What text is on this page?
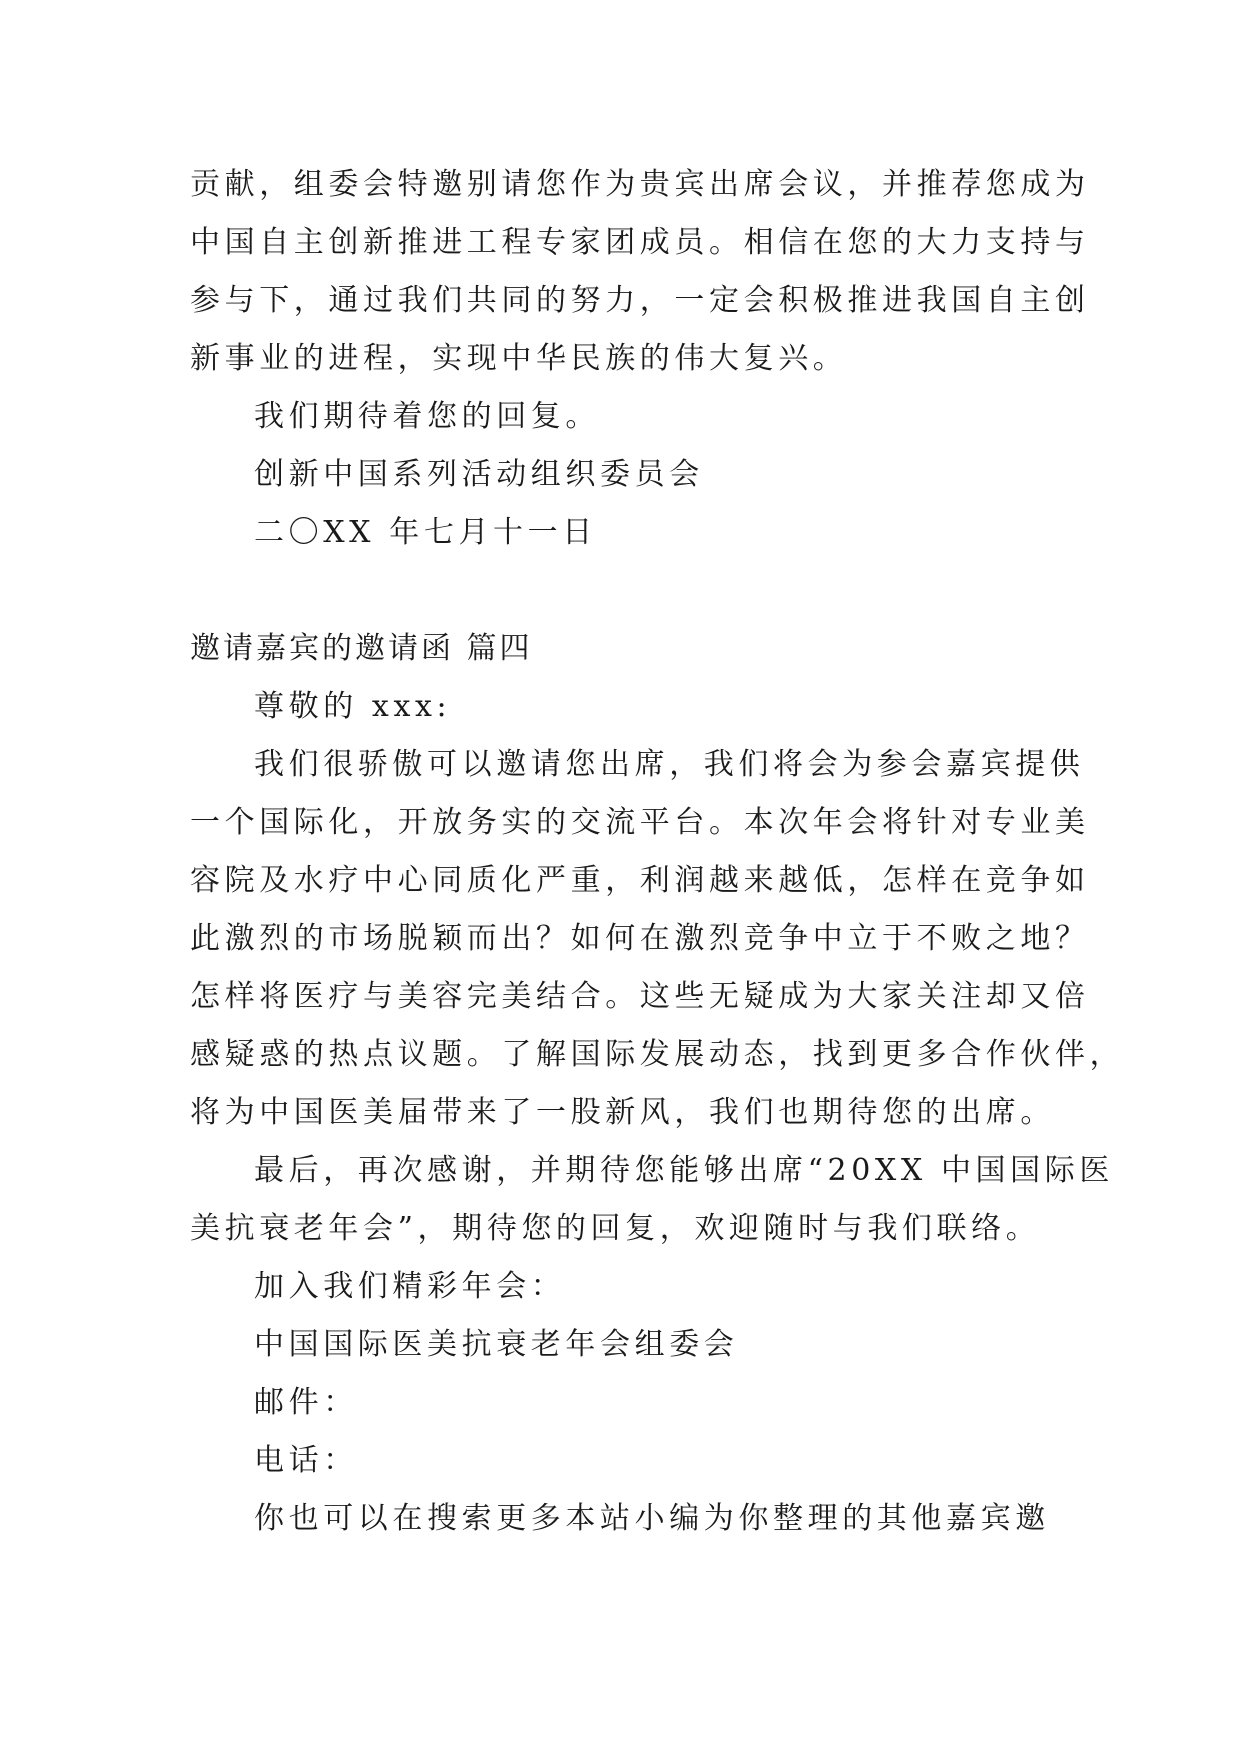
贡献，组委会特邀别请您作为贵宾出席会议，并推荐您成为
中国自主创新推进工程专家团成员。相信在您的大力支持与
参与下，通过我们共同的努力，一定会积极推进我国自主创
新事业的进程，实现中华民族的伟大复兴。
我们期待着您的回复。
创新中国系列活动组织委员会
二〇XX 年七月十一日
邀请嘉宾的邀请函 篇四
尊敬的 xxx:
我们很骄傲可以邀请您出席，我们将会为参会嘉宾提供
一个国际化，开放务实的交流平台。本次年会将针对专业美
容院及水疗中心同质化严重，利润越来越低，怎样在竞争如
此激烈的市场脱颖而出？如何在激烈竞争中立于不败之地？
怎样将医疗与美容完美结合。这些无疑成为大家关注却又倍
感疑惑的热点议题。了解国际发展动态，找到更多合作伙伴，
将为中国医美届带来了一股新风，我们也期待您的出席。
最后，再次感谢，并期待您能够出席“20XX 中国国际医
美抗衰老年会”，期待您的回复，欢迎随时与我们联络。
加入我们精彩年会：
中国国际医美抗衰老年会组委会
邮件：
电话：
你也可以在搜索更多本站小编为你整理的其他嘉宾邀
